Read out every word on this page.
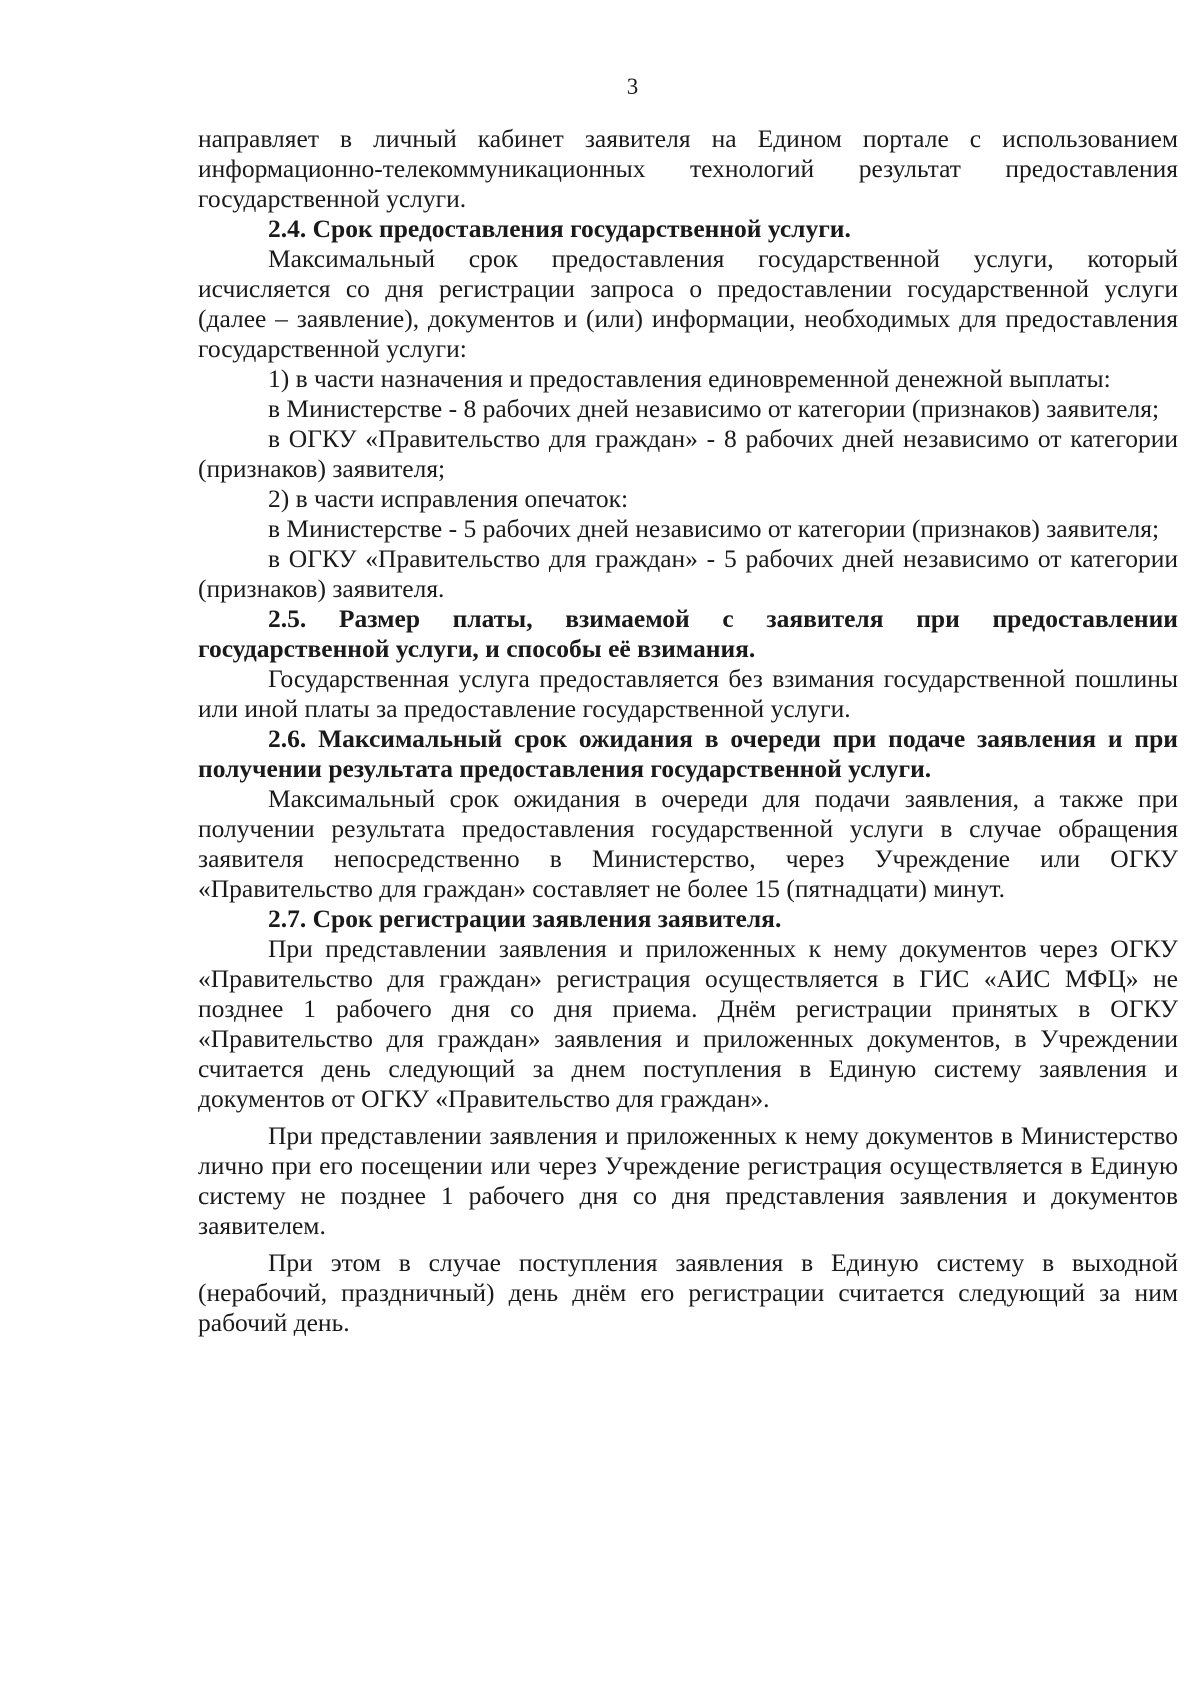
3

направляет в личный кабинет заявителя на Едином портале с использованием информационно-телекоммуникационных технологий результат предоставления государственной услуги.

2.4. Срок предоставления государственной услуги.

Максимальный срок предоставления государственной услуги, который исчисляется со дня регистрации запроса о предоставлении государственной услуги (далее – заявление), документов и (или) информации, необходимых для предоставления государственной услуги:

1) в части назначения и предоставления единовременной денежной выплаты:

в Министерстве - 8 рабочих дней независимо от категории (признаков) заявителя;

в ОГКУ «Правительство для граждан» - 8 рабочих дней независимо от категории (признаков) заявителя;

2) в части исправления опечаток:

в Министерстве - 5 рабочих дней независимо от категории (признаков) заявителя;

в ОГКУ «Правительство для граждан» - 5 рабочих дней независимо от категории (признаков) заявителя.

2.5. Размер платы, взимаемой с заявителя при предоставлении государственной услуги, и способы её взимания.

Государственная услуга предоставляется без взимания государственной пошлины или иной платы за предоставление государственной услуги.

2.6. Максимальный срок ожидания в очереди при подаче заявления и при получении результата предоставления государственной услуги.

Максимальный срок ожидания в очереди для подачи заявления, а также при получении результата предоставления государственной услуги в случае обращения заявителя непосредственно в Министерство, через Учреждение или ОГКУ «Правительство для граждан» составляет не более 15 (пятнадцати) минут.

2.7. Срок регистрации заявления заявителя.

При представлении заявления и приложенных к нему документов через ОГКУ «Правительство для граждан» регистрация осуществляется в ГИС «АИС МФЦ» не позднее 1 рабочего дня со дня приема. Днём регистрации принятых в ОГКУ «Правительство для граждан» заявления и приложенных документов, в Учреждении считается день следующий за днем поступления в Единую систему заявления и документов от ОГКУ «Правительство для граждан».

При представлении заявления и приложенных к нему документов в Министерство лично при его посещении или через Учреждение регистрация осуществляется в Единую систему не позднее 1 рабочего дня со дня представления заявления и документов заявителем.

При этом в случае поступления заявления в Единую систему в выходной (нерабочий, праздничный) день днём его регистрации считается следующий за ним рабочий день.
